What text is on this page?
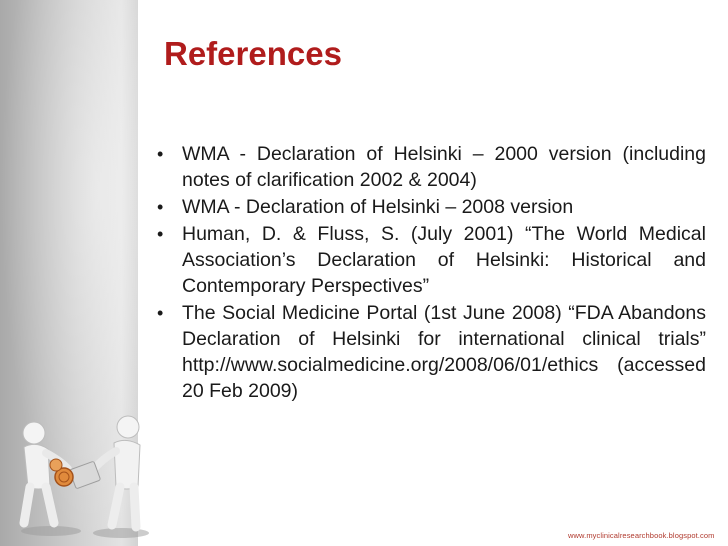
References
• WMA - Declaration of Helsinki – 2000 version (including notes of clarification 2002 & 2004)
• WMA - Declaration of Helsinki – 2008 version
• Human, D. & Fluss, S. (July 2001) “The World Medical Association’s Declaration of Helsinki: Historical and Contemporary Perspectives”
• The Social Medicine Portal (1st June 2008) “FDA Abandons Declaration of Helsinki for international clinical trials” http://www.socialmedicine.org/2008/06/01/ethics (accessed 20 Feb 2009)
www.myclinicalresearchbook.blogspot.com
